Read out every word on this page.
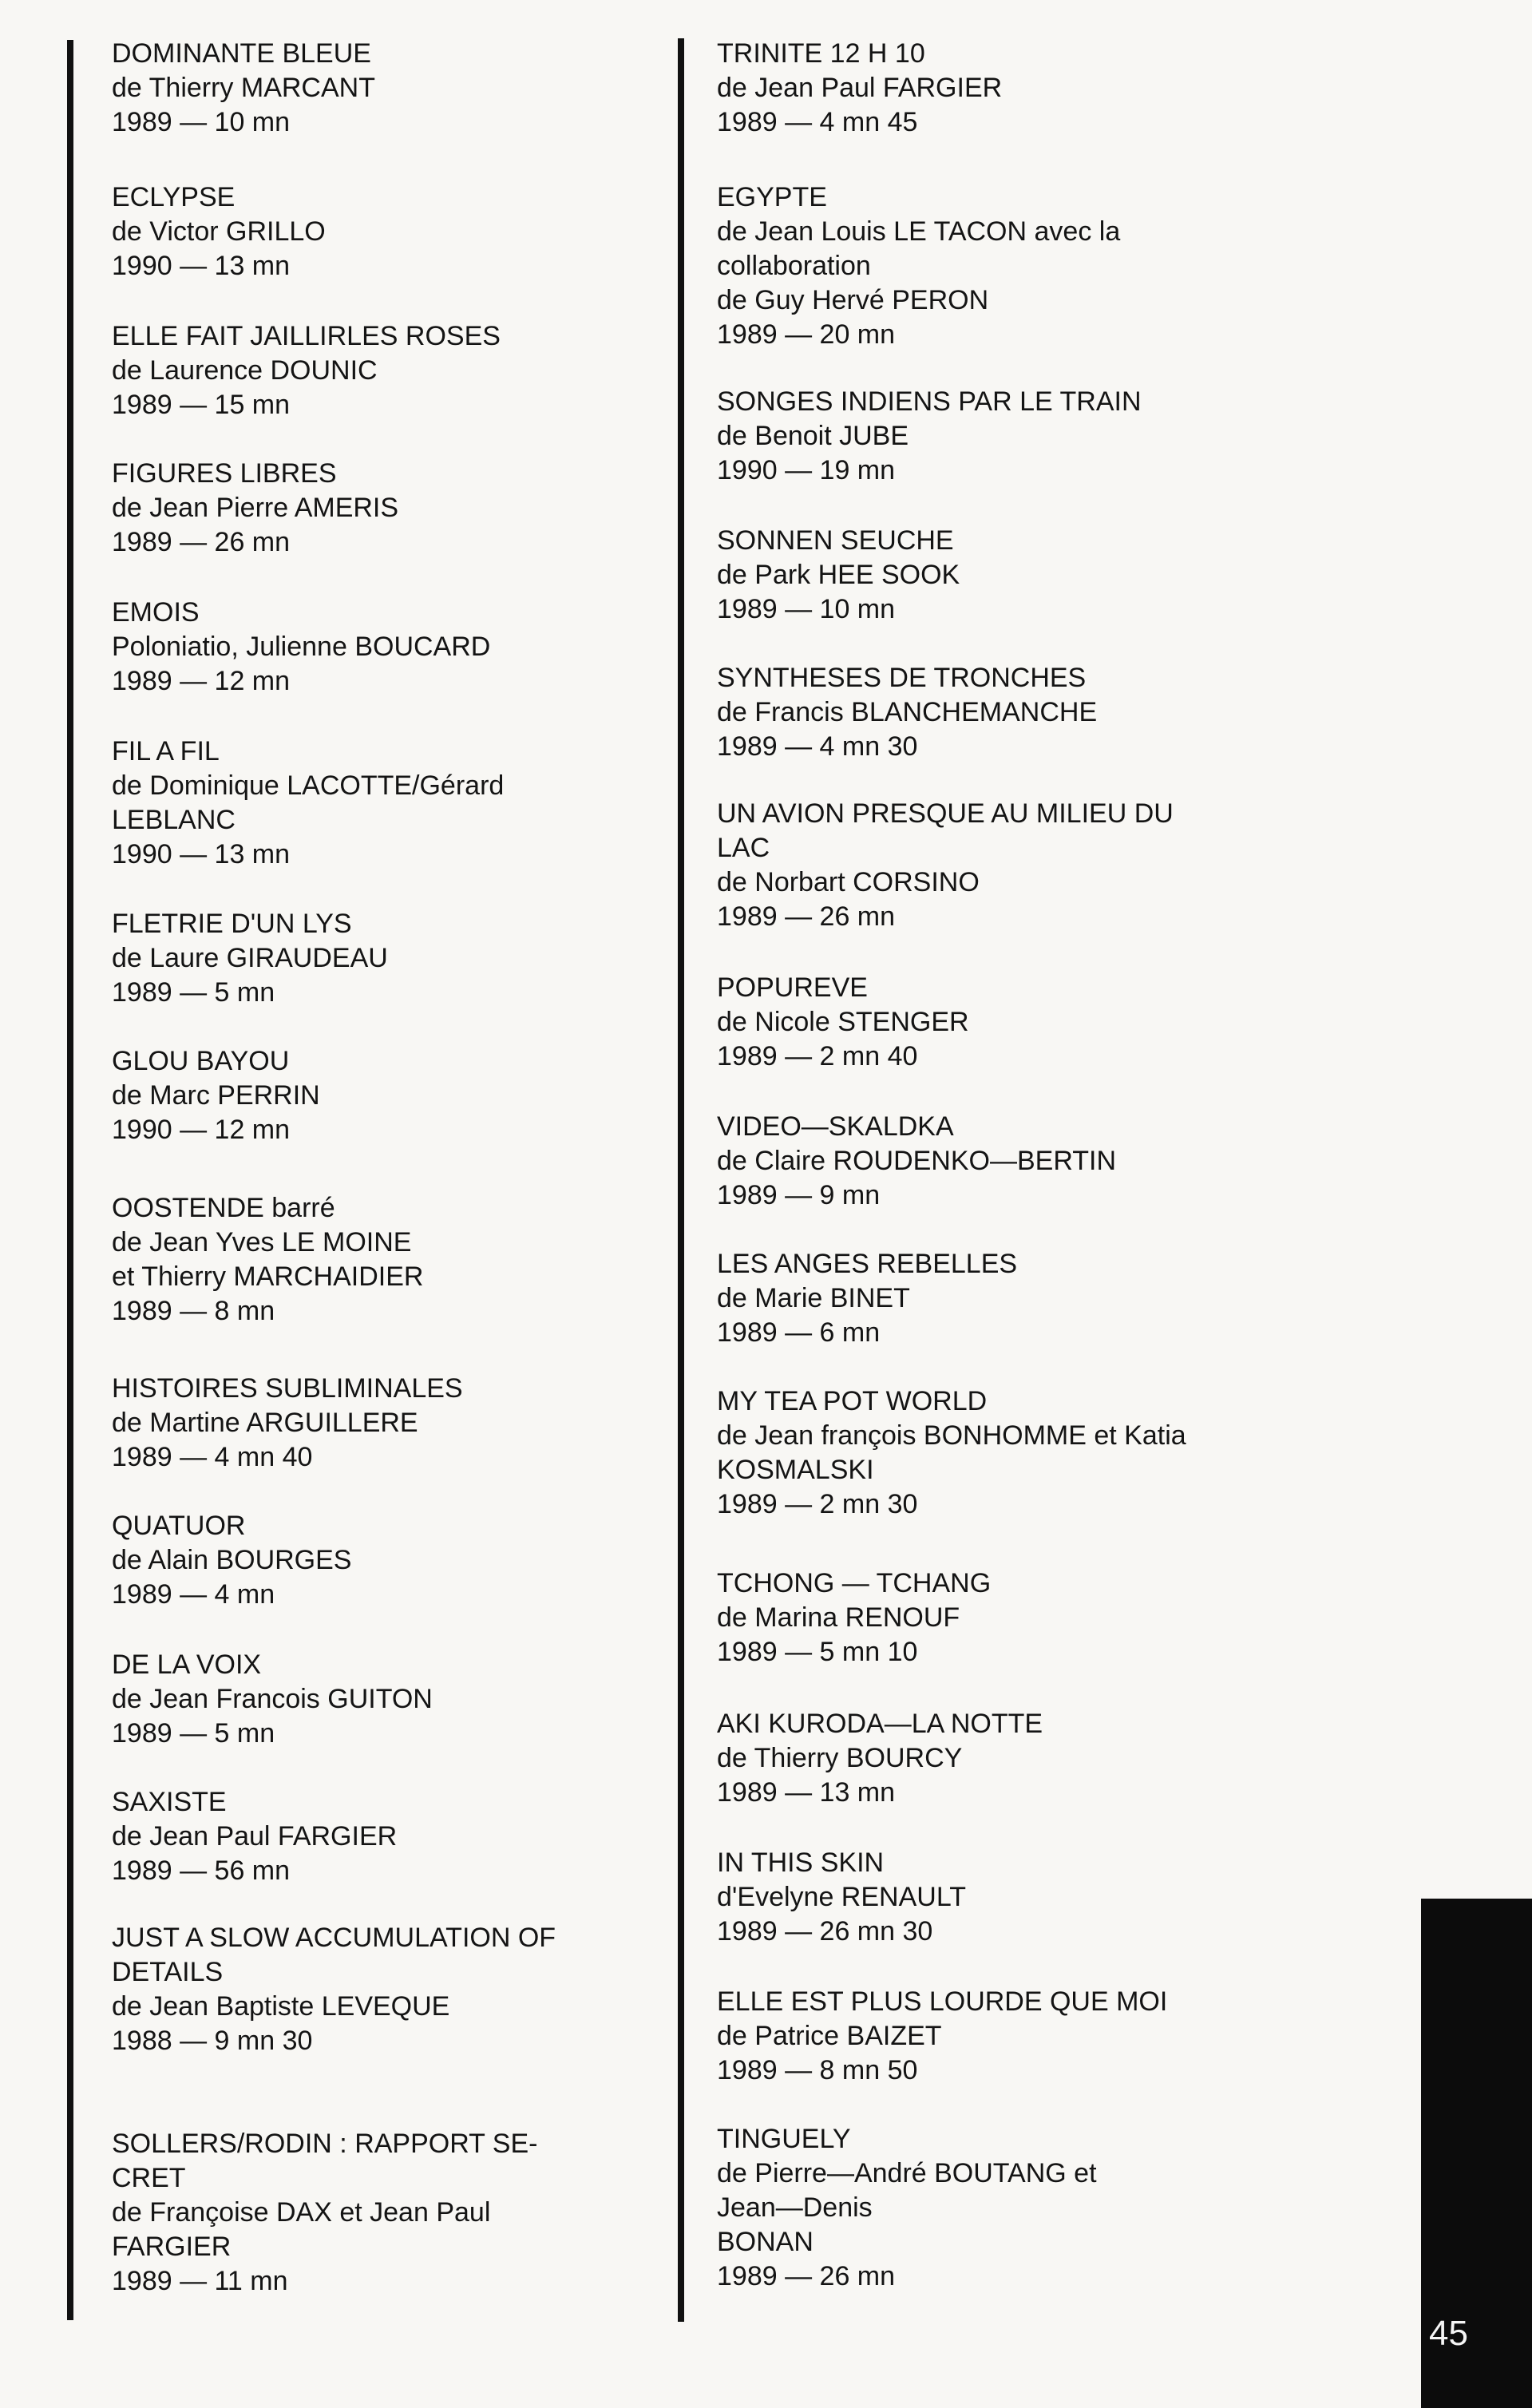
DOMINANTE BLEUE
de Thierry MARCANT
1989 — 10 mn
ECLYPSE
de Victor GRILLO
1990 — 13 mn
ELLE FAIT JAILLIRLES ROSES
de Laurence DOUNIC
1989 — 15 mn
FIGURES LIBRES
de Jean Pierre AMERIS
1989 — 26 mn
EMOIS
Poloniatio, Julienne BOUCARD
1989 — 12 mn
FIL A FIL
de Dominique LACOTTE/Gérard
LEBLANC
1990 — 13 mn
FLETRIE D'UN LYS
de Laure GIRAUDEAU
1989 — 5 mn
GLOU BAYOU
de Marc PERRIN
1990 — 12 mn
OOSTENDE barré
de Jean Yves LE MOINE
et Thierry MARCHAIDIER
1989 — 8 mn
HISTOIRES SUBLIMINALES
de Martine ARGUILLERE
1989 — 4 mn 40
QUATUOR
de Alain BOURGES
1989 — 4 mn
DE LA VOIX
de Jean Francois GUITON
1989 — 5 mn
SAXISTE
de Jean Paul FARGIER
1989 — 56 mn
JUST A SLOW ACCUMULATION OF
DETAILS
de Jean Baptiste LEVEQUE
1988 — 9 mn 30
SOLLERS/RODIN : RAPPORT SE-
CRET
de Françoise DAX et Jean Paul
FARGIER
1989 — 11 mn
TRINITE 12 H 10
de Jean Paul FARGIER
1989 — 4 mn 45
EGYPTE
de Jean Louis LE TACON avec la
collaboration
de Guy Hervé PERON
1989 — 20 mn
SONGES INDIENS PAR LE TRAIN
de Benoit JUBE
1990 — 19 mn
SONNEN SEUCHE
de Park HEE SOOK
1989 — 10 mn
SYNTHESES DE TRONCHES
de Francis BLANCHEMANCHE
1989 — 4 mn 30
UN AVION PRESQUE AU MILIEU DU
LAC
de Norbart CORSINO
1989 — 26 mn
POPUREVE
de Nicole STENGER
1989 — 2 mn 40
VIDEO—SKALDKA
de Claire ROUDENKO—BERTIN
1989 — 9 mn
LES ANGES REBELLES
de Marie BINET
1989 — 6 mn
MY TEA POT WORLD
de Jean françois BONHOMME et Katia
KOSMALSKI
1989 — 2 mn 30
TCHONG — TCHANG
de Marina RENOUF
1989 — 5 mn 10
AKI KURODA—LA NOTTE
de Thierry BOURCY
1989 — 13 mn
IN THIS SKIN
d'Evelyne RENAULT
1989 — 26 mn 30
ELLE EST PLUS LOURDE QUE MOI
de Patrice BAIZET
1989 — 8 mn 50
TINGUELY
de Pierre—André BOUTANG et
Jean—Denis
BONAN
1989 — 26 mn
45
